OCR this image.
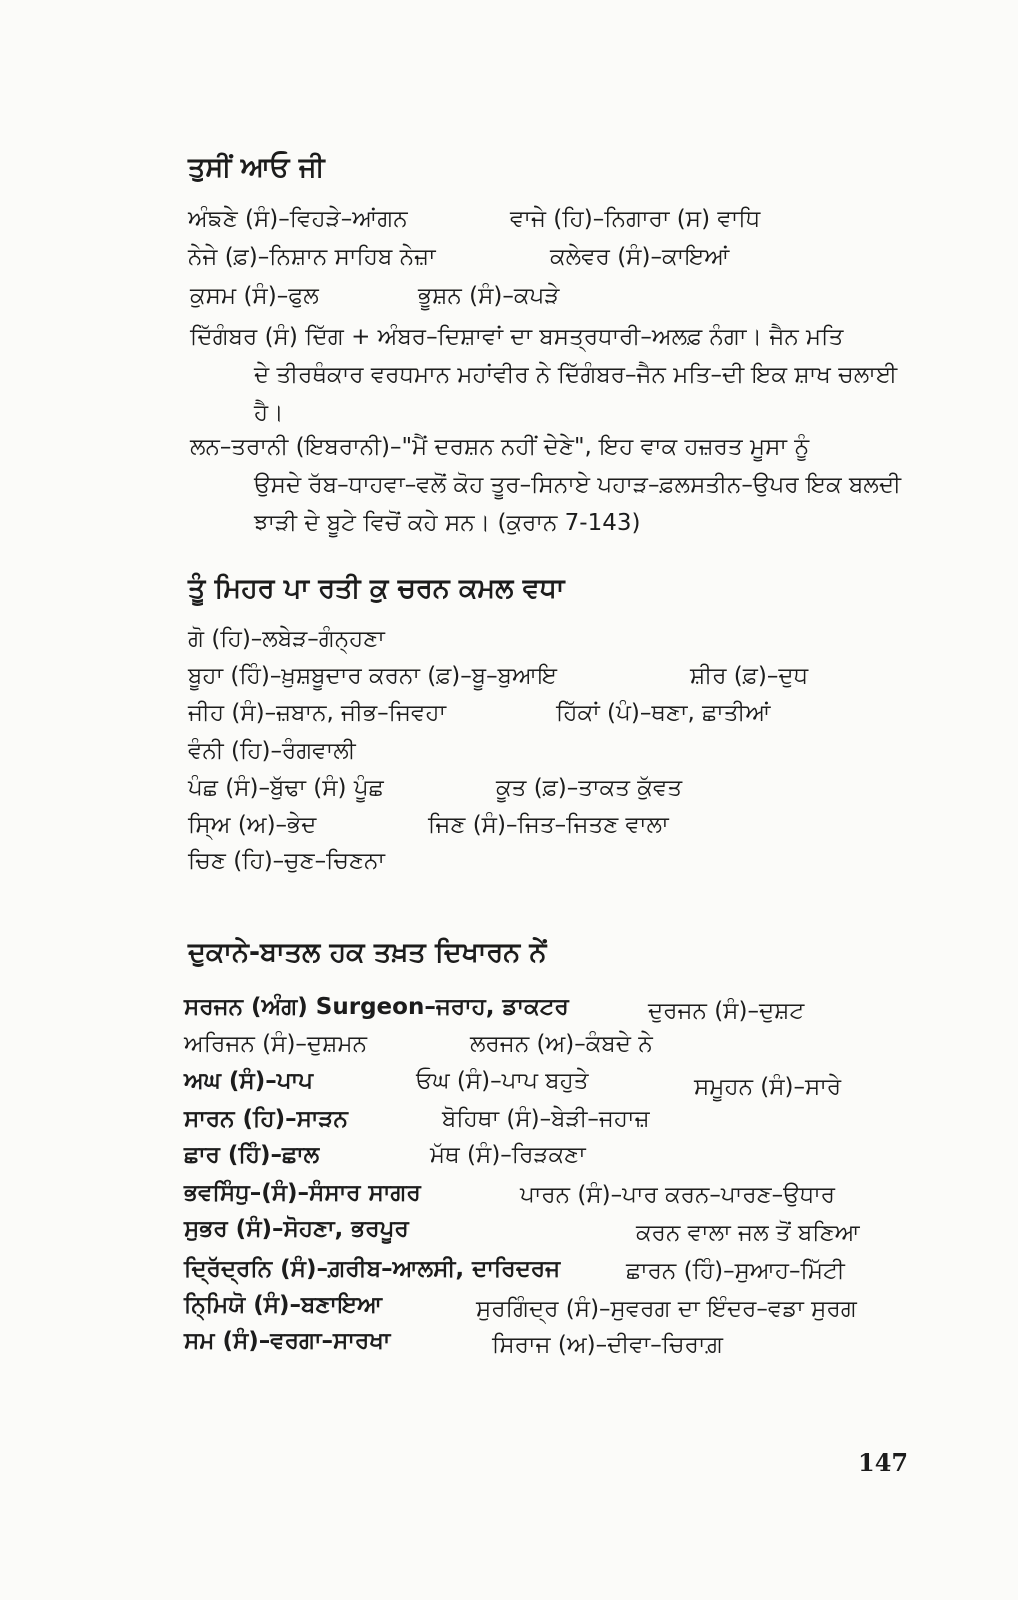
ਤੁਸੀਂ ਆਓ ਜੀ
ਅੰਙਣੇ (ਸੰ)–ਵਿਹੜੇ–ਆਂਗਨ	ਵਾਜੇ (ਹਿ)–ਨਿਗਾਰਾ (ਸ) ਵਾਧਿ
ਨੇਜੇ (ਫ਼)–ਨਿਸ਼ਾਨ ਸਾਹਿਬ ਨੇਜ਼ਾ	ਕਲੇਵਰ (ਸੰ)–ਕਾਇਆਂ
ਕੁਸਮ (ਸੰ)–ਫੁਲ	ਭੂਸ਼ਨ (ਸੰ)–ਕਪੜੇ
ਦਿੱਗੰਬਰ (ਸੰ) ਦਿੱਗ + ਅੰਬਰ–ਦਿਸ਼ਾਵਾਂ ਦਾ ਬਸਤ੍ਰਧਾਰੀ–ਅਲਫ਼ ਨੰਗਾ। ਜੈਨ ਮਤਿ
ਦੇ ਤੀਰਥੰਕਾਰ ਵਰਧਮਾਨ ਮਹਾਂਵੀਰ ਨੇ ਦਿੱਗੰਬਰ–ਜੈਨ ਮਤਿ–ਦੀ ਇਕ ਸ਼ਾਖ ਚਲਾਈ ਹੈ।
ਲਨ–ਤਰਾਨੀ (ਇਬਰਾਨੀ)–"ਮੈਂ ਦਰਸ਼ਨ ਨਹੀਂ ਦੇਣੇ", ਇਹ ਵਾਕ ਹਜ਼ਰਤ ਮੂਸਾ ਨੂੰ
ਉਸਦੇ ਰੱਬ–ਧਾਹਵਾ–ਵਲੋਂ ਕੋਹ ਤੂਰ–ਸਿਨਾਏ ਪਹਾੜ–ਫ਼ਲਸਤੀਨ–ਉਪਰ ਇਕ ਬਲਦੀ ਝਾੜੀ ਦੇ ਬੂਟੇ ਵਿਚੋਂ ਕਹੇ ਸਨ। (ਕੁਰਾਨ 7-143)
ਤੂੰ ਮਿਹਰ ਪਾ ਰਤੀ ਕੁ ਚਰਨ ਕਮਲ ਵਧਾ
ਗੋ (ਹਿ)–ਲਬੇੜ–ਗੰਨ੍ਹਣਾ
ਬੂਹਾ (ਹਿੰ)–ਖ਼ੁਸ਼ਬੂਦਾਰ ਕਰਨਾ (ਫ਼)–ਬੂ–ਬੁਆਇ	ਸ਼ੀਰ (ਫ਼)–ਦੁਧ
ਜੀਹ (ਸੰ)–ਜ਼ਬਾਨ, ਜੀਭ–ਜਿਵਹਾ	ਹਿੱਕਾਂ (ਪੰ)–ਥਣਾ, ਛਾਤੀਆਂ
ਵੰਨੀ (ਹਿ)–ਰੰਗਵਾਲੀ
ਪੰਛ (ਸੰ)–ਬੁੱਢਾ (ਸੰ) ਪੂੰਛ	ਕੂਤ (ਫ਼)–ਤਾਕਤ ਕੁੱਵਤ
ਸਿ੍ਅ (ਅ)–ਭੇਦ	ਜਿਣ (ਸੰ)–ਜਿਤ–ਜਿਤਣ ਵਾਲਾ
ਚਿਣ (ਹਿ)–ਚੁਣ–ਚਿਣਨਾ
ਦੁਕਾਨੇ-ਬਾਤਲ ਹਕ ਤਖ਼ਤ ਦਿਖਾਰਨ ਨੇਂ
ਸਰਜਨ (ਅੰਗ) Surgeon–ਜਰਾਹ, ਡਾਕਟਰ	ਦੁਰਜਨ (ਸੰ)–ਦੁਸ਼ਟ
ਅਰਿਜਨ (ਸੰ)–ਦੁਸ਼ਮਨ	ਲਰਜਨ (ਅ)–ਕੰਬਦੇ ਨੇ
ਅਘ (ਸੰ)–ਪਾਪ	ਓਘ (ਸੰ)–ਪਾਪ ਬਹੁਤੇ	ਸਮੂਹਨ (ਸੰ)–ਸਾਰੇ
ਸਾਰਨ (ਹਿ)–ਸਾੜਨ	ਬੋਹਿਥਾ (ਸੰ)–ਬੇੜੀ–ਜਹਾਜ਼
ਛਾਰ (ਹਿੰ)–ਛਾਲ	ਮੱਥ (ਸੰ)–ਰਿੜਕਣਾ
ਭਵਸਿੰਧੁ–(ਸੰ)–ਸੰਸਾਰ ਸਾਗਰ	ਪਾਰਨ (ਸੰ)–ਪਾਰ ਕਰਨ–ਪਾਰਣ–ਉਧਾਰ
ਸੁਭਰ (ਸੰ)–ਸੋਹਣਾ, ਭਰਪੂਰ	ਕਰਨ ਵਾਲਾ ਜਲ ਤੋਂ ਬਣਿਆ
ਦ੍ਰਿੱਦ੍ਰਨਿ (ਸੰ)–ਗ਼ਰੀਬ–ਆਲਸੀ, ਦਾਰਿਦਰਜ	ਛਾਰਨ (ਹਿੰ)–ਸੁਆਹ–ਮਿੱਟੀ
ਨਿ੍ਮਿਯੋ (ਸੰ)–ਬਣਾਇਆ	ਸੁਰਗਿੰਦ੍ਰ (ਸੰ)–ਸੁਵਰਗ ਦਾ ਇੰਦਰ–ਵਡਾ ਸੁਰਗ
ਸਮ (ਸੰ)–ਵਰਗਾ–ਸਾਰਖਾ	ਸਿਰਾਜ (ਅ)–ਦੀਵਾ–ਚਿਰਾਗ਼
147
